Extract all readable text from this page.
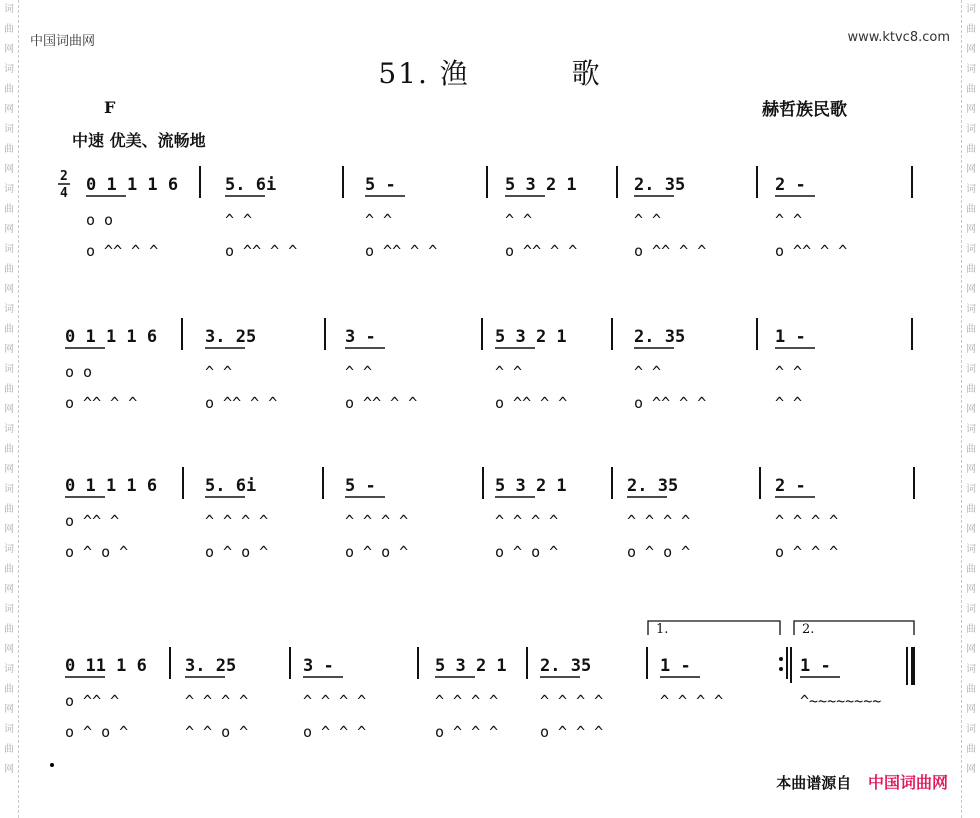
词曲网词曲网词曲网词曲网词曲网词曲网词曲网词曲网词曲网词曲网词曲网词曲网词曲网
词曲网词曲网词曲网词曲网词曲网词曲网词曲网词曲网词曲网词曲网词曲网词曲网词曲网
中国词曲网	www.ktvc8.com
51. 渔	歌
F
中速 优美、流畅地
赫哲族民歌
0 1 1 1 6
o o
o ^^ ^ ^
5. 6i
^ ^
o ^^ ^ ^
5 -
^ ^
o ^^ ^ ^
5 3 2 1
^ ^
o ^^ ^ ^
2. 35
^ ^
o ^^ ^ ^
2 -
^ ^
o ^^ ^ ^
0 1 1 1 6
o o
o ^^ ^ ^
3. 25
^ ^
o ^^ ^ ^
3 -
^ ^
o ^^ ^ ^
5 3 2 1
^ ^
o ^^ ^ ^
2. 35
^ ^
o ^^ ^ ^
1 -
^ ^
^ ^
0 1 1 1 6
o ^^ ^
o ^ o ^
5. 6i
^ ^ ^ ^
o ^ o ^
5 -
^ ^ ^ ^
o ^ o ^
5 3 2 1
^ ^ ^ ^
o ^ o ^
2. 35
^ ^ ^ ^
o ^ o ^
2 -
^ ^ ^ ^
o ^ ^ ^
1.	2.
0 11 1 6
o ^^ ^
o ^ o ^
3. 25
^ ^ ^ ^
^ ^ o ^
3 -
^ ^ ^ ^
o ^ ^ ^
5 3 2 1
^ ^ ^ ^
o ^ ^ ^
2. 35
^ ^ ^ ^
o ^ ^ ^
1 -
^ ^ ^ ^
1 -
^~~~~~~~~
2
4
本曲谱源自 中国词曲网
